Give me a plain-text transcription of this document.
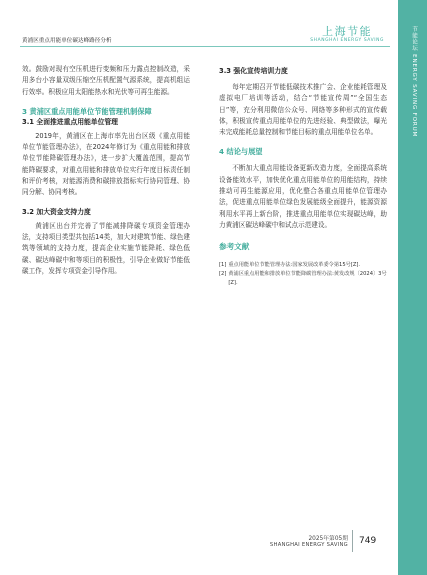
黄浦区重点用能单位碳达峰路径分析
上海节能
SHANGHAI ENERGY SAVING	节能论坛 ENERGY SAVING FORUM

效。鼓励对现有空压机进行变频和压力露点控制改造，采用多台小容量双级压缩空压机配置气源系统，提高机组运行效率。积极应用太阳能热水和光伏等可再生能源。

3 黄浦区重点用能单位节能管理机制保障
3.1 全面推进重点用能单位管理

2019年，黄浦区在上海市率先出台区级《重点用能单位节能管理办法》，在2024年修订为《重点用能和排放单位节能降碳管理办法》，进一步扩大覆盖范围，提高节能降碳要求，对重点用能和排放单位实行年度目标责任制和评价考核，对能源消费和碳排放指标实行协同管理、协同分解、协同考核。

3.2 加大资金支持力度

黄浦区出台并完善了节能减排降碳专项资金管理办法，支持项目类型共包括14类，加大对建筑节能、绿色建筑等领域的支持力度，提高企业实施节能降耗、绿色低碳、碳达峰碳中和等项目的积极性，引导企业做好节能低碳工作，发挥专项资金引导作用。

3.3 强化宣传培训力度

每年定期召开节能低碳技术推广会、企业能耗管理及虚拟电厂培训等活动，结合“节能宣传周”“全国生态日”等，充分利用微信公众号、网络等多种形式的宣传载体，积极宣传重点用能单位的先进经验、典型做法，曝光未完成能耗总量控制和节能目标的重点用能单位名单。

4 结论与展望

不断加大重点用能设备更新改造力度，全面提高系统设备能效水平，加快优化重点用能单位的用能结构，持续推动可再生能源应用，优化整合各重点用能单位管理办法，促进重点用能单位绿色发展能级全面提升，能源资源利用水平再上新台阶，推进重点用能单位实现碳达峰，助力黄浦区碳达峰碳中和试点示范建设。

参考文献
[1] 重点用能单位节能管理办法:国家发展改革委令第15号[Z].
[2] 黄浦区重点用能和排放单位节能降碳管理办法:黄发改规〔2024〕3号[Z].
2025年第05期
SHANGHAI ENERGY SAVING 749
